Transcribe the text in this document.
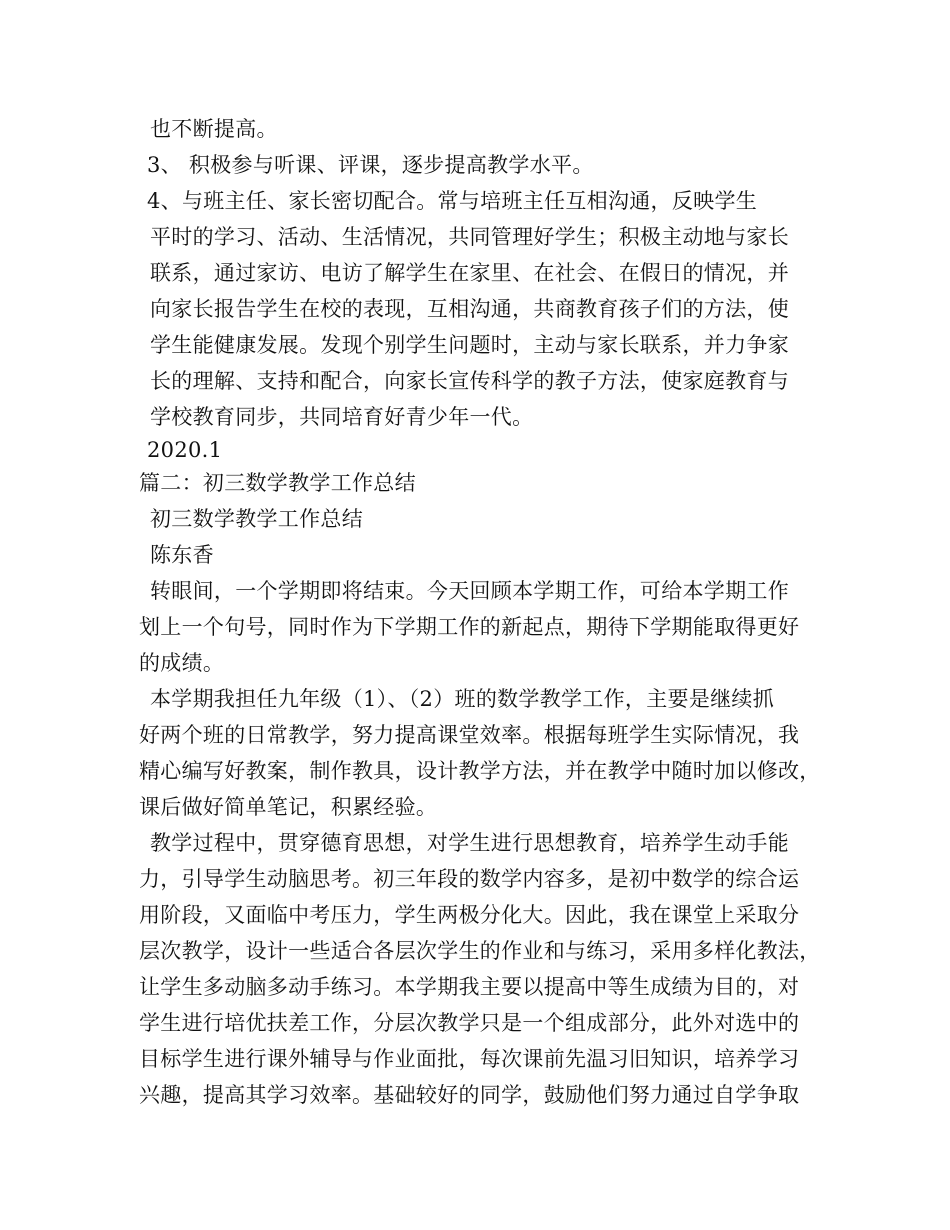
也不断提高。
3、 积极参与听课、评课，逐步提高教学水平。
4、与班主任、家长密切配合。常与培班主任互相沟通，反映学生
平时的学习、活动、生活情况，共同管理好学生；积极主动地与家长
联系，通过家访、电访了解学生在家里、在社会、在假日的情况，并
向家长报告学生在校的表现，互相沟通，共商教育孩子们的方法，使
学生能健康发展。发现个别学生问题时，主动与家长联系，并力争家
长的理解、支持和配合，向家长宣传科学的教子方法，使家庭教育与
学校教育同步，共同培育好青少年一代。
2020.1
篇二：初三数学教学工作总结
初三数学教学工作总结
陈东香
转眼间，一个学期即将结束。今天回顾本学期工作，可给本学期工作
划上一个句号，同时作为下学期工作的新起点，期待下学期能取得更好
的成绩。
本学期我担任九年级（1）、（2）班的数学教学工作，主要是继续抓
好两个班的日常教学，努力提高课堂效率。根据每班学生实际情况，我
精心编写好教案，制作教具，设计教学方法，并在教学中随时加以修改，
课后做好简单笔记，积累经验。
教学过程中，贯穿德育思想，对学生进行思想教育，培养学生动手能
力，引导学生动脑思考。初三年段的数学内容多，是初中数学的综合运
用阶段，又面临中考压力，学生两极分化大。因此，我在课堂上采取分
层次教学，设计一些适合各层次学生的作业和与练习，采用多样化教法，
让学生多动脑多动手练习。本学期我主要以提高中等生成绩为目的，对
学生进行培优扶差工作，分层次教学只是一个组成部分，此外对选中的
目标学生进行课外辅导与作业面批，每次课前先温习旧知识，培养学习
兴趣，提高其学习效率。基础较好的同学，鼓励他们努力通过自学争取
